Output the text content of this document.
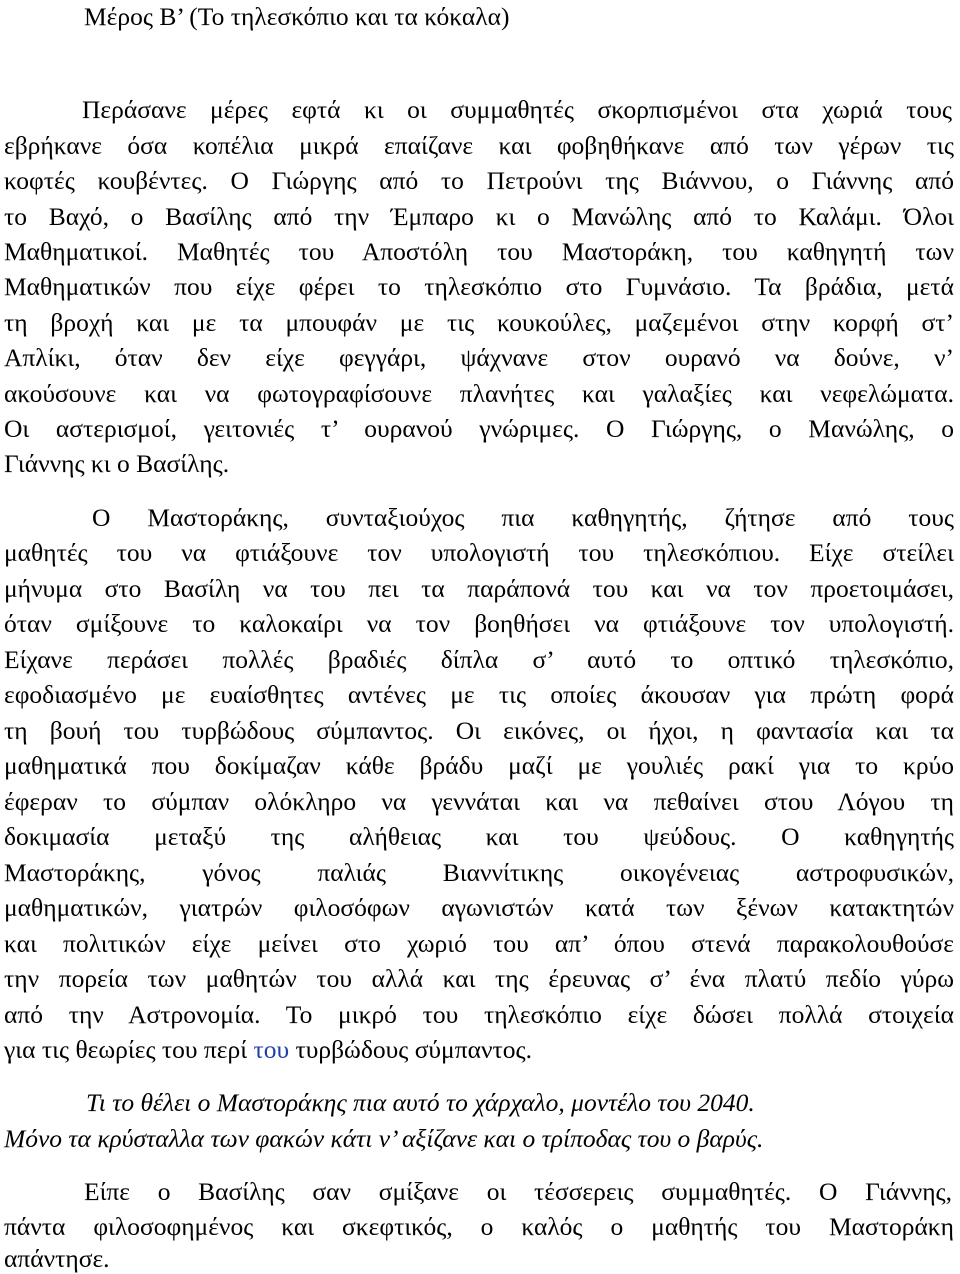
Μέρος Β’ (Το τηλεσκόπιο και τα κόκαλα)
Περάσανε μέρες εφτά κι οι συμμαθητές σκορπισμένοι στα χωριά τους
εβρήκανε όσα κοπέλια μικρά επαίζανε και φοβηθήκανε από των γέρων τις
κοφτές κουβέντες. Ο Γιώργης από το Πετρούνι της Βιάννου, ο Γιάννης από
το Βαχό, ο Βασίλης από την Έμπαρο κι ο Μανώλης από το Καλάμι. Όλοι
Μαθηματικοί. Μαθητές του Αποστόλη του Μαστοράκη, του καθηγητή των
Μαθηματικών που είχε φέρει το τηλεσκόπιο στο Γυμνάσιο. Τα βράδια, μετά
τη βροχή και με τα μπουφάν με τις κουκούλες, μαζεμένοι στην κορφή στ’
Απλίκι, όταν δεν είχε φεγγάρι, ψάχνανε στον ουρανό να δούνε, ν’
ακούσουνε και να φωτογραφίσουνε πλανήτες και γαλαξίες και νεφελώματα.
Οι αστερισμοί, γειτονιές τ’ ουρανού γνώριμες. Ο Γιώργης, ο Μανώλης, ο
Γιάννης κι ο Βασίλης.
Ο Μαστοράκης, συνταξιούχος πια καθηγητής, ζήτησε από τους
μαθητές του να φτιάξουνε τον υπολογιστή του τηλεσκόπιου. Είχε στείλει
μήνυμα στο Βασίλη να του πει τα παράπονά του και να τον προετοιμάσει,
όταν σμίξουνε το καλοκαίρι να τον βοηθήσει να φτιάξουνε τον υπολογιστή.
Είχανε περάσει πολλές βραδιές δίπλα σ’ αυτό το οπτικό τηλεσκόπιο,
εφοδιασμένο με ευαίσθητες αντένες με τις οποίες άκουσαν για πρώτη φορά
τη βουή του τυρβώδους σύμπαντος. Οι εικόνες, οι ήχοι, η φαντασία και τα
μαθηματικά που δοκίμαζαν κάθε βράδυ μαζί με γουλιές ρακί για το κρύο
έφεραν το σύμπαν ολόκληρο να γεννάται και να πεθαίνει στου Λόγου τη
δοκιμασία μεταξύ της αλήθειας και του ψεύδους. Ο καθηγητής
Μαστοράκης, γόνος παλιάς Βιαννίτικης οικογένειας αστροφυσικών,
μαθηματικών, γιατρών φιλοσόφων αγωνιστών κατά των ξένων κατακτητών
και πολιτικών είχε μείνει στο χωριό του απ’ όπου στενά παρακολουθούσε
την πορεία των μαθητών του αλλά και της έρευνας σ’ ένα πλατύ πεδίο γύρω
από την Αστρονομία. Το μικρό του τηλεσκόπιο είχε δώσει πολλά στοιχεία
για τις θεωρίες του περί του τυρβώδους σύμπαντος.
Τι το θέλει ο Μαστοράκης πια αυτό το χάρχαλο, μοντέλο του 2040.
Μόνο τα κρύσταλλα των φακών κάτι ν’ αξίζανε και ο τρίποδας του ο βαρύς.
Είπε ο Βασίλης σαν σμίξανε οι τέσσερεις συμμαθητές. Ο Γιάννης,
πάντα φιλοσοφημένος και σκεφτικός, ο καλός ο μαθητής του Μαστοράκη
απάντησε.
